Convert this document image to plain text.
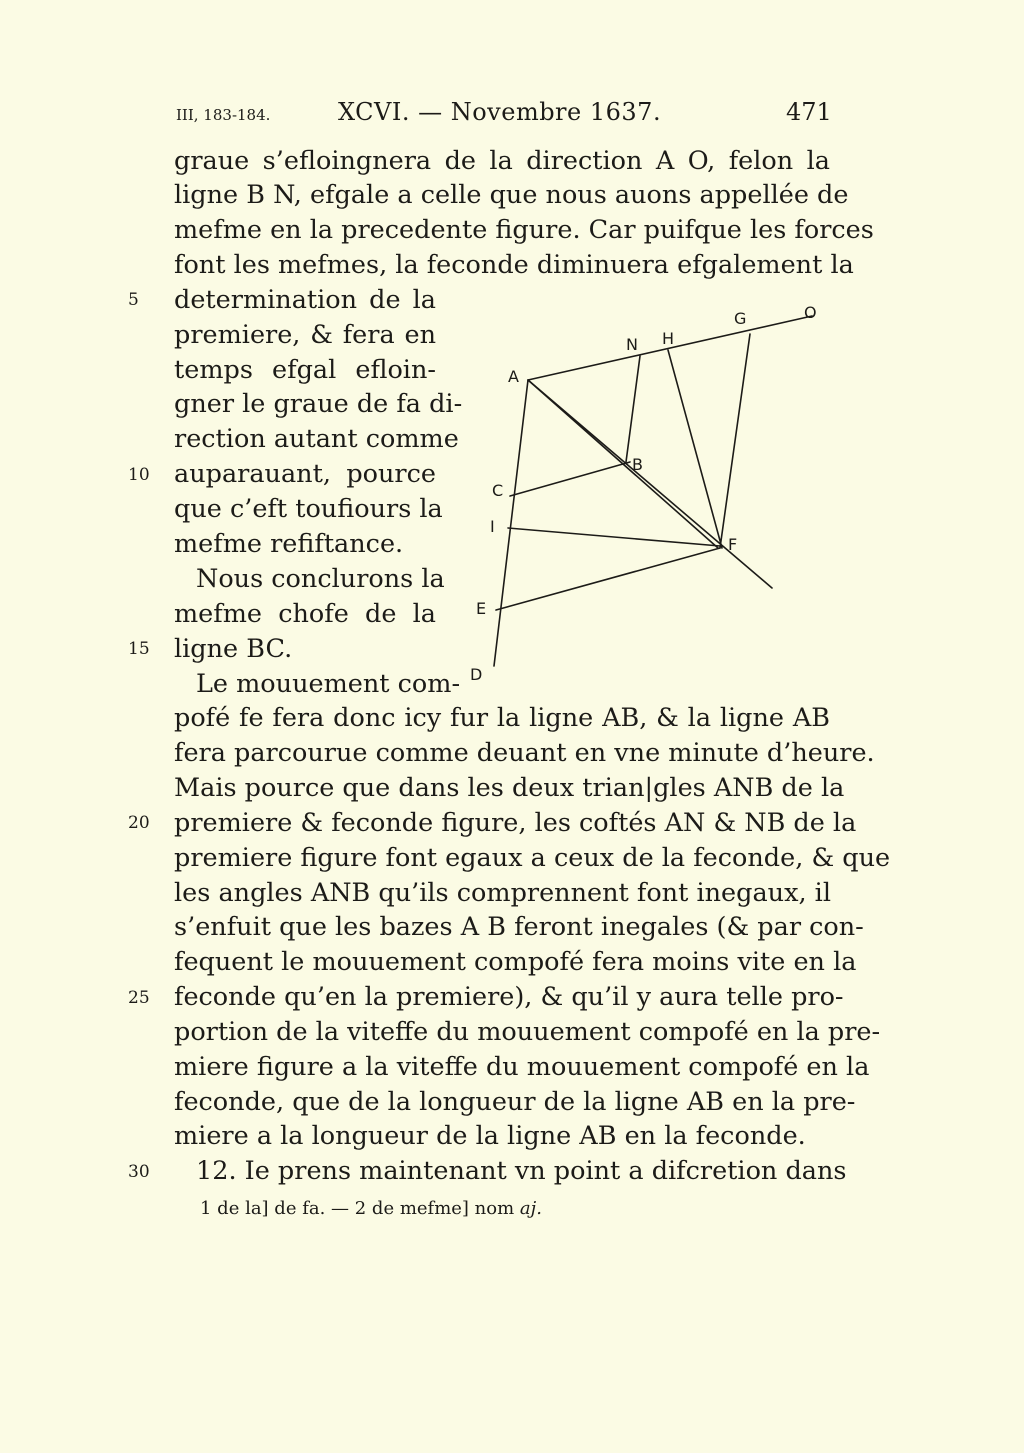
III, 183-184.	XCVI. — Novembre 1637.	471
graue s’efloingnera de la direction A O, felon la
ligne B N, efgale a celle que nous auons appellée de
mefme en la precedente figure. Car puifque les forces
font les mefmes, la feconde diminuera efgalement la
determination de la
premiere, & fera en
temps efgal efloin-
gner le graue de fa di-
rection autant comme
auparauant, pource
que c’eft toufiours la
mefme refiftance.
Nous conclurons la
mefme chofe de la
ligne BC.
Le mouuement com-
pofé fe fera donc icy fur la ligne AB, & la ligne AB
fera parcourue comme deuant en vne minute d’heure.
Mais pource que dans les deux trian|gles ANB de la
premiere & feconde figure, les coftés AN & NB de la
premiere figure font egaux a ceux de la feconde, & que
les angles ANB qu’ils comprennent font inegaux, il
s’enfuit que les bazes A B feront inegales (& par con-
fequent le mouuement compofé fera moins vite en la
feconde qu’en la premiere), & qu’il y aura telle pro-
portion de la viteffe du mouuement compofé en la pre-
miere figure a la viteffe du mouuement compofé en la
feconde, que de la longueur de la ligne AB en la pre-
miere a la longueur de la ligne AB en la feconde.
12. Ie prens maintenant vn point a difcretion dans
5
10
15
20
25
30
A
B
C
D
E
F
G
H
I
N
O
1 de la] de fa. — 2 de mefme] nom aj.
